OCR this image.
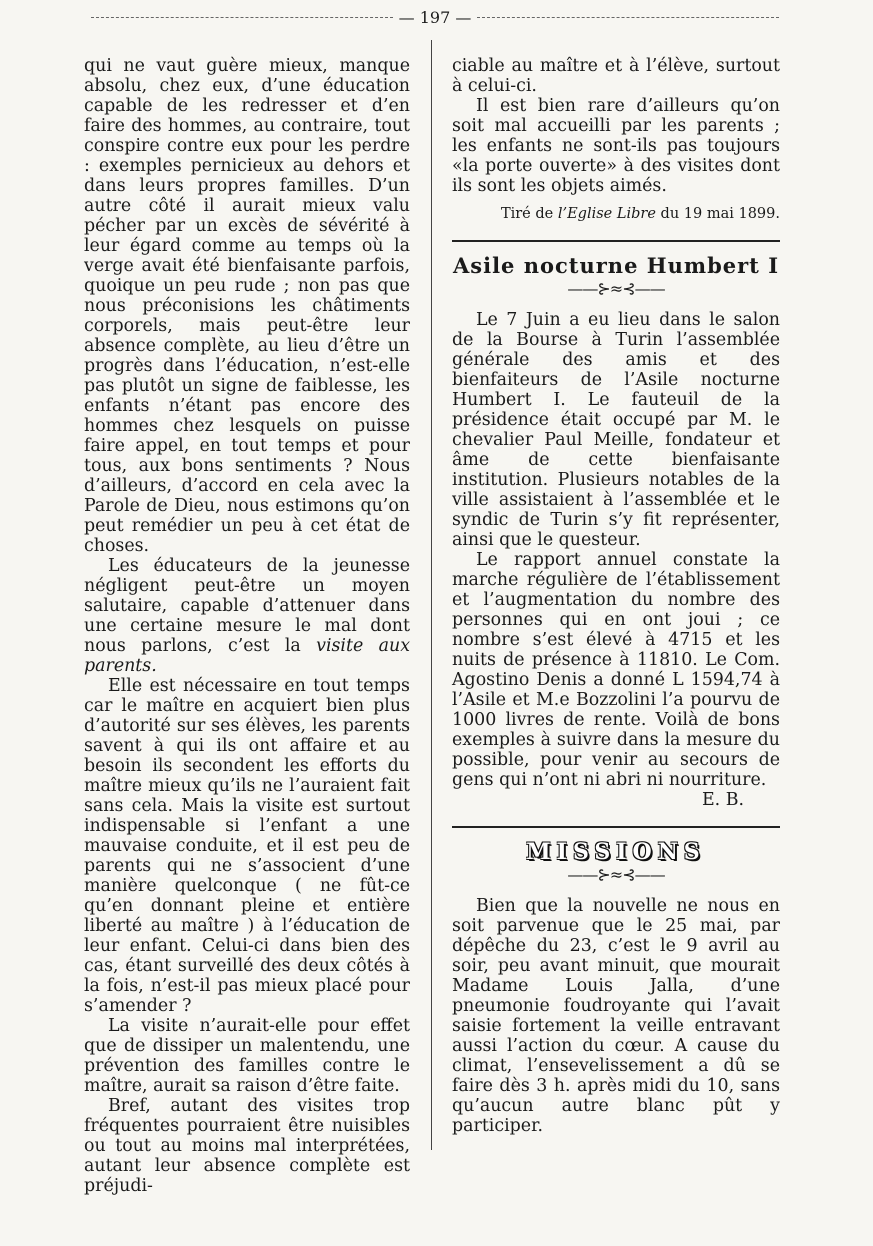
— 197 —

qui ne vaut guère mieux, manque absolu, chez eux, d’une éducation capable de les redresser et d’en faire des hommes, au contraire, tout conspire contre eux pour les perdre : exemples pernicieux au dehors et dans leurs propres familles. D’un autre côté il aurait mieux valu pécher par un excès de sévérité à leur égard comme au temps où la verge avait été bienfaisante parfois, quoique un peu rude ; non pas que nous préconisions les châtiments corporels, mais peut-être leur absence complète, au lieu d’être un progrès dans l’éducation, n’est-elle pas plutôt un signe de faiblesse, les enfants n’étant pas encore des hommes chez lesquels on puisse faire appel, en tout temps et pour tous, aux bons sentiments ? Nous d’ailleurs, d’accord en cela avec la Parole de Dieu, nous estimons qu’on peut remédier un peu à cet état de choses.

Les éducateurs de la jeunesse négligent peut-être un moyen salutaire, capable d’attenuer dans une certaine mesure le mal dont nous parlons, c’est la visite aux parents.

Elle est nécessaire en tout temps car le maître en acquiert bien plus d’autorité sur ses élèves, les parents savent à qui ils ont affaire et au besoin ils secondent les efforts du maître mieux qu’ils ne l’auraient fait sans cela. Mais la visite est surtout indispensable si l’enfant a une mauvaise conduite, et il est peu de parents qui ne s’associent d’une manière quelconque ( ne fût-ce qu’en donnant pleine et entière liberté au maître ) à l’éducation de leur enfant. Celui-ci dans bien des cas, étant surveillé des deux côtés à la fois, n’est-il pas mieux placé pour s’amender ?

La visite n’aurait-elle pour effet que de dissiper un malentendu, une prévention des familles contre le maître, aurait sa raison d’être faite.

Bref, autant des visites trop fréquentes pourraient être nuisibles ou tout au moins mal interprétées, autant leur absence complète est préjudi-

ciable au maître et à l’élève, surtout à celui-ci.

Il est bien rare d’ailleurs qu’on soit mal accueilli par les parents ; les enfants ne sont-ils pas toujours «la porte ouverte» à des visites dont ils sont les objets aimés.

Tiré de l’Eglise Libre du 19 mai 1899.

Asile nocturne Humbert I
——⊱≈⊰——

Le 7 Juin a eu lieu dans le salon de la Bourse à Turin l’assemblée générale des amis et des bienfaiteurs de l’Asile nocturne Humbert I. Le fauteuil de la présidence était occupé par M. le chevalier Paul Meille, fondateur et âme de cette bienfaisante institution. Plusieurs notables de la ville assistaient à l’assemblée et le syndic de Turin s’y fit représenter, ainsi que le questeur.

Le rapport annuel constate la marche régulière de l’établissement et l’augmentation du nombre des personnes qui en ont joui ; ce nombre s’est élevé à 4715 et les nuits de présence à 11810. Le Com. Agostino Denis a donné L 1594,74 à l’Asile et M.e Bozzolini l’a pourvu de 1000 livres de rente. Voilà de bons exemples à suivre dans la mesure du possible, pour venir au secours de gens qui n’ont ni abri ni nourriture.

E. B.

MISSIONS
——⊱≈⊰——

Bien que la nouvelle ne nous en soit parvenue que le 25 mai, par dépêche du 23, c’est le 9 avril au soir, peu avant minuit, que mourait Madame Louis Jalla, d’une pneumonie foudroyante qui l’avait saisie fortement la veille entravant aussi l’action du cœur. A cause du climat, l’ensevelissement a dû se faire dès 3 h. après midi du 10, sans qu’aucun autre blanc pût y participer.
